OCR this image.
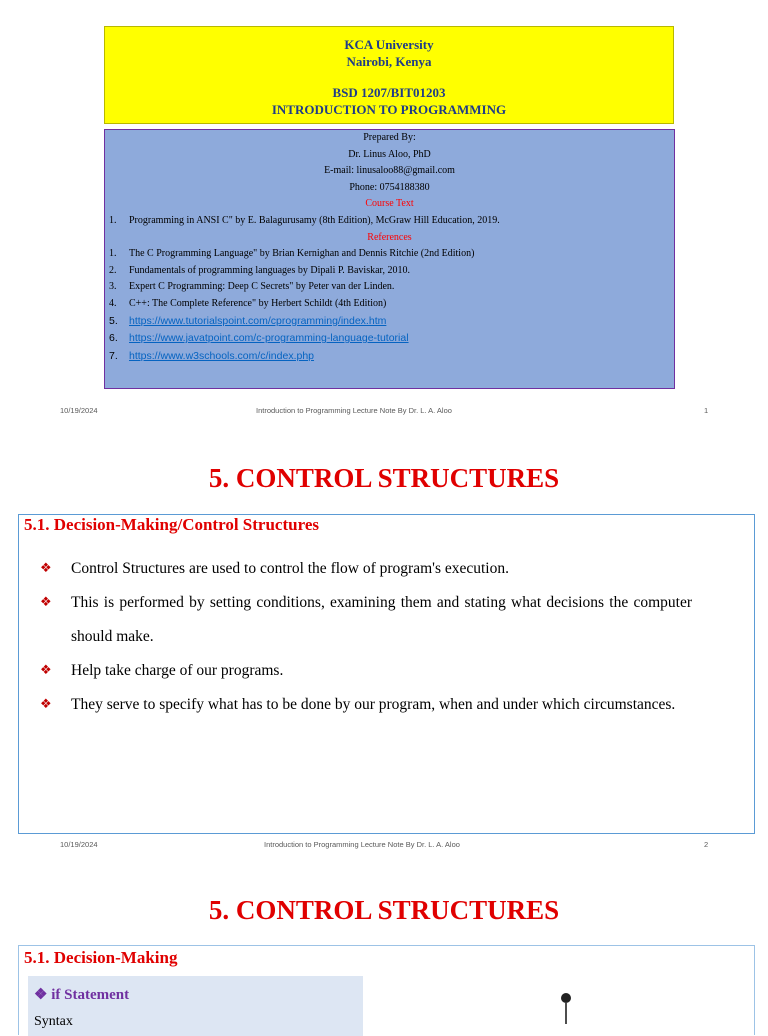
KCA University
Nairobi, Kenya
BSD 1207/BIT01203
INTRODUCTION TO PROGRAMMING
Prepared By:
Dr. Linus Aloo, PhD
E-mail: linusaloo88@gmail.com
Phone: 0754188380
Course Text
1. Programming in ANSI C" by E. Balagurusamy (8th Edition), McGraw Hill Education, 2019.
References
1. The C Programming Language" by Brian Kernighan and Dennis Ritchie (2nd Edition)
2. Fundamentals of programming languages by Dipali P. Baviskar, 2010.
3. Expert C Programming: Deep C Secrets" by Peter van der Linden.
4. C++: The Complete Reference" by Herbert Schildt (4th Edition)
5. https://www.tutorialspoint.com/cprogramming/index.htm
6. https://www.javatpoint.com/c-programming-language-tutorial
7. https://www.w3schools.com/c/index.php
10/19/2024	Introduction to Programming Lecture Note By Dr. L. A. Aloo	1
5. CONTROL STRUCTURES
5.1. Decision-Making/Control Structures
❖ Control Structures are used to control the flow of program's execution.
❖ This is performed by setting conditions, examining them and stating what decisions the computer should make.
❖ Help take charge of our programs.
❖ They serve to specify what has to be done by our program, when and under which circumstances.
10/19/2024	Introduction to Programming Lecture Note By Dr. L. A. Aloo	2
5. CONTROL STRUCTURES
5.1. Decision-Making
❖ if Statement
Syntax
